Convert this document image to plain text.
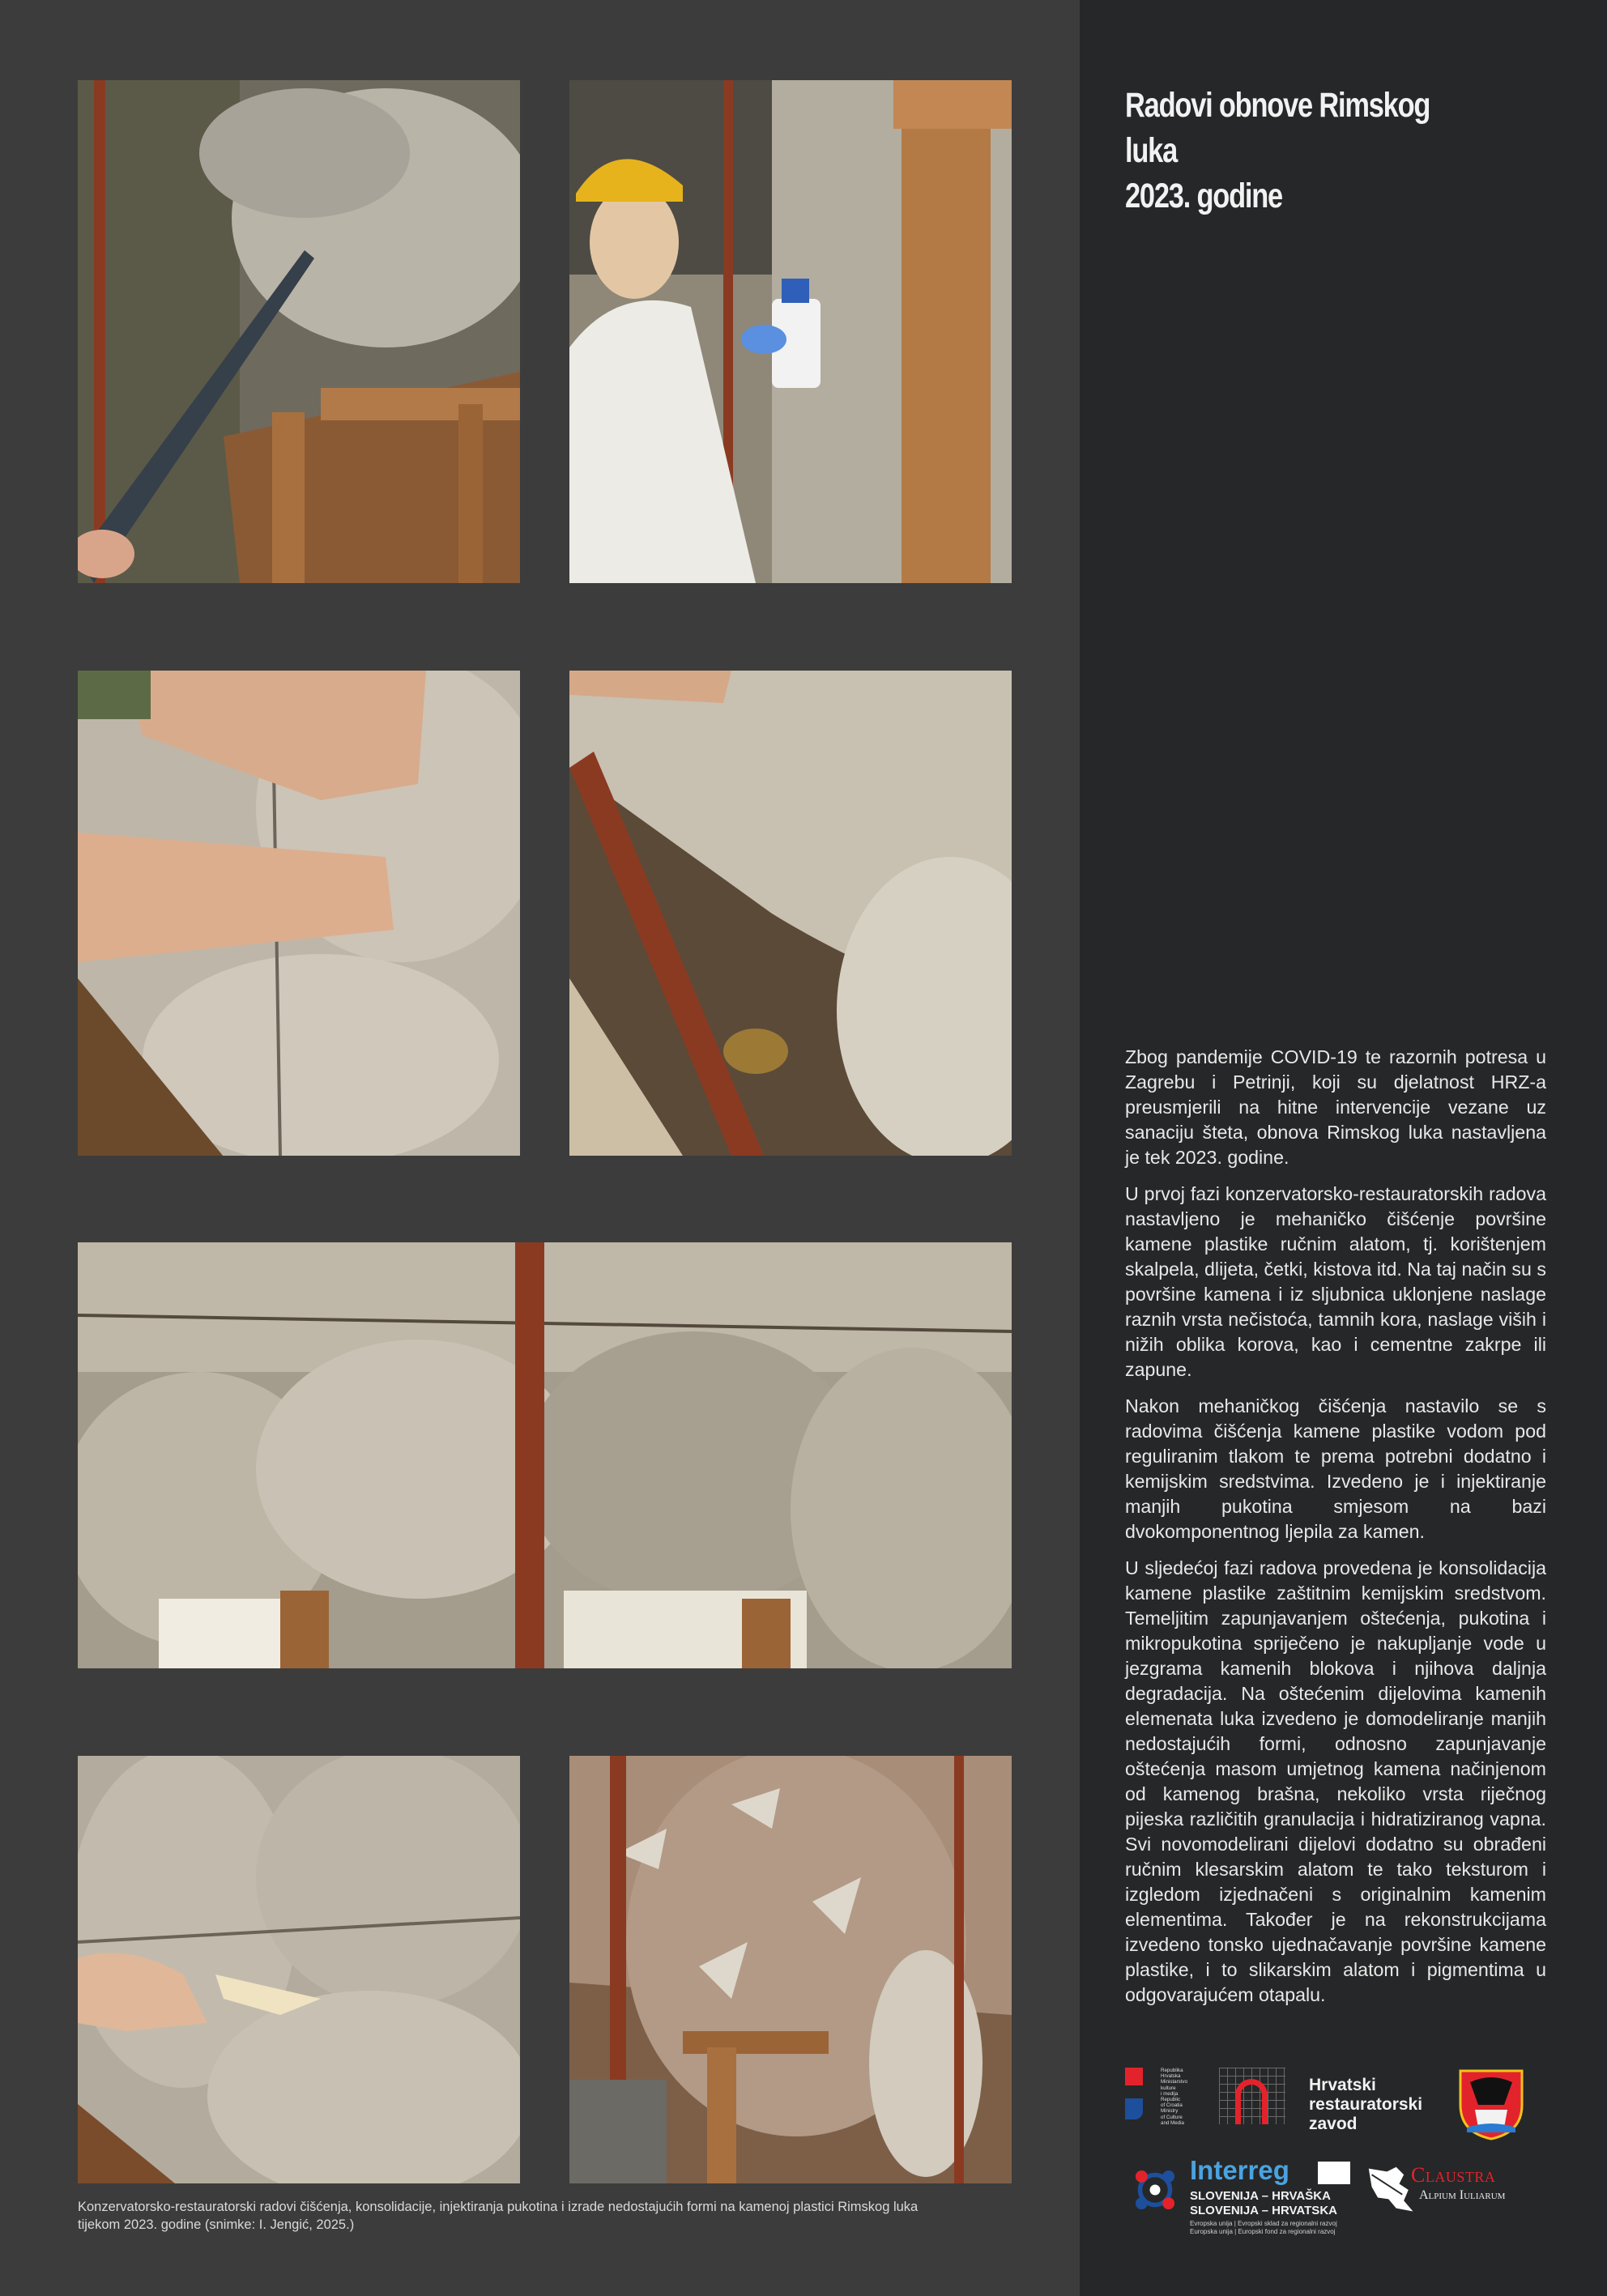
Konzervatorsko-restauratorski radovi čišćenja, konsolidacije, injektiranja pukotina i izrade nedostajućih formi na kamenoj plastici Rimskog luka
tijekom 2023. godine (snimke: I. Jengić, 2025.)
Radovi obnove Rimskog luka
2023. godine

Zbog pandemije COVID-19 te razornih potresa u Zagrebu i Petrinji, koji su djelatnost HRZ-a preusmjerili na hitne intervencije vezane uz sanaciju šteta, obnova Rimskog luka nastavljena je tek 2023. godine.

U prvoj fazi konzervatorsko-restauratorskih radova nastavljeno je mehaničko čišćenje površine kamene plastike ručnim alatom, tj. korištenjem skalpela, dlijeta, četki, kistova itd. Na taj način su s površine kamena i iz sljubnica uklonjene naslage raznih vrsta nečistoća, tamnih kora, naslage viših i nižih oblika korova, kao i cementne zakrpe ili zapune.

Nakon mehaničkog čišćenja nastavilo se s radovima čišćenja kamene plastike vodom pod reguliranim tlakom te prema potrebni dodatno i kemijskim sredstvima. Izvedeno je i injektiranje manjih pukotina smjesom na bazi dvokomponentnog ljepila za kamen.

U sljedećoj fazi radova provedena je konsolidacija kamene plastike zaštitnim kemijskim sredstvom. Temeljitim zapunjavanjem oštećenja, pukotina i mikropukotina spriječeno je nakupljanje vode u jezgrama kamenih blokova i njihova daljnja degradacija. Na oštećenim dijelovima kamenih elemenata luka izvedeno je domodeliranje manjih nedostajućih formi, odnosno zapunjavanje oštećenja masom umjetnog kamena načinjenom od kamenog brašna, nekoliko vrsta riječnog pijeska različitih granulacija i hidratiziranog vapna. Svi novomodelirani dijelovi dodatno su obrađeni ručnim klesarskim alatom te tako teksturom i izgledom izjednačeni s originalnim kamenim elementima. Također je na rekonstrukcijama izvedeno tonsko ujednačavanje površine kamene plastike, i to slikarskim alatom i pigmentima u odgovarajućem otapalu.

Republika
Hrvatska
Ministarstvo
kulture
i medija
Republic
of Croatia
Ministry
of Culture
and Media
Hrvatski
restauratorski
zavod
Interreg
SLOVENIJA – HRVAŠKA
SLOVENIJA – HRVATSKA
Evropska unija | Evropski sklad za regionalni razvoj
Europska unija | Europski fond za regionalni razvoj
Claustra
Alpium Iuliarum
